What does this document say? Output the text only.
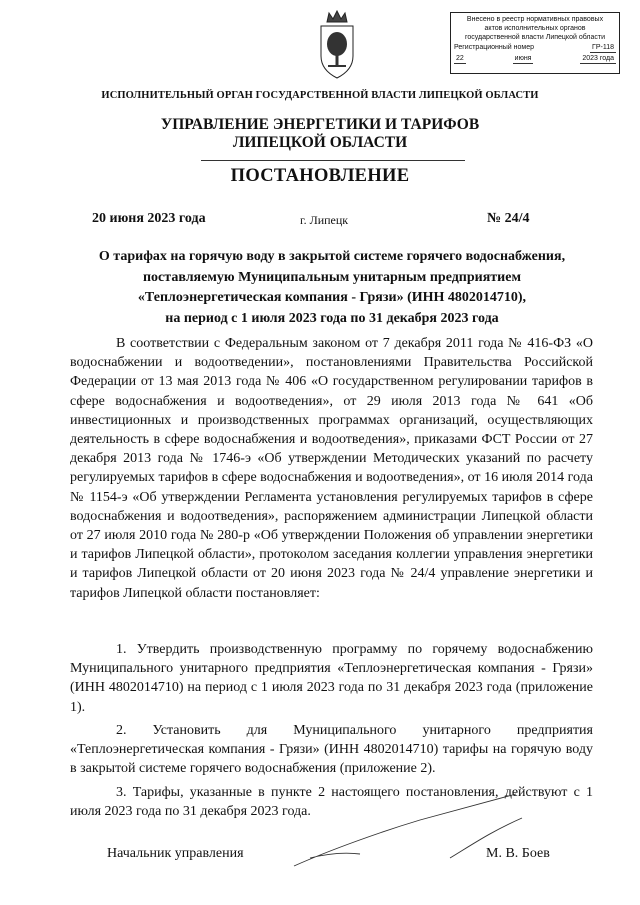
Внесено в реестр нормативных правовых
актов исполнительных органов
государственной власти Липецкой области
Регистрационный номер	ГР-118
22	июня	2023 года
ИСПОЛНИТЕЛЬНЫЙ ОРГАН ГОСУДАРСТВЕННОЙ ВЛАСТИ ЛИПЕЦКОЙ ОБЛАСТИ
УПРАВЛЕНИЕ ЭНЕРГЕТИКИ И ТАРИФОВ
ЛИПЕЦКОЙ ОБЛАСТИ
ПОСТАНОВЛЕНИЕ
20 июня 2023 года	г. Липецк	№ 24/4
О тарифах на горячую воду в закрытой системе горячего водоснабжения,
поставляемую Муниципальным унитарным предприятием
«Теплоэнергетическая компания - Грязи» (ИНН 4802014710),
на период с 1 июля 2023 года по 31 декабря 2023 года
В соответствии с Федеральным законом от 7 декабря 2011 года № 416-ФЗ «О водоснабжении и водоотведении», постановлениями Правительства Российской Федерации от 13 мая 2013 года № 406 «О государственном регулировании тарифов в сфере водоснабжения и водоотведения», от 29 июля 2013 года № 641 «Об инвестиционных и производственных программах организаций, осуществляющих деятельность в сфере водоснабжения и водоотведения», приказами ФСТ России от 27 декабря 2013 года № 1746-э «Об утверждении Методических указаний по расчету регулируемых тарифов в сфере водоснабжения и водоотведения», от 16 июля 2014 года № 1154-э «Об утверждении Регламента установления регулируемых тарифов в сфере водоснабжения и водоотведения», распоряжением администрации Липецкой области от 27 июля 2010 года № 280-р «Об утверждении Положения об управлении энергетики и тарифов Липецкой области», протоколом заседания коллегии управления энергетики и тарифов Липецкой области от 20 июня 2023 года № 24/4 управление энергетики и тарифов Липецкой области постановляет:
1. Утвердить производственную программу по горячему водоснабжению Муниципального унитарного предприятия «Теплоэнергетическая компания - Грязи» (ИНН 4802014710) на период с 1 июля 2023 года по 31 декабря 2023 года (приложение 1).
2. Установить для Муниципального унитарного предприятия «Теплоэнергетическая компания - Грязи» (ИНН 4802014710) тарифы на горячую воду в закрытой системе горячего водоснабжения (приложение 2).
3. Тарифы, указанные в пункте 2 настоящего постановления, действуют с 1 июля 2023 года по 31 декабря 2023 года.
Начальник управления	М. В. Боев
